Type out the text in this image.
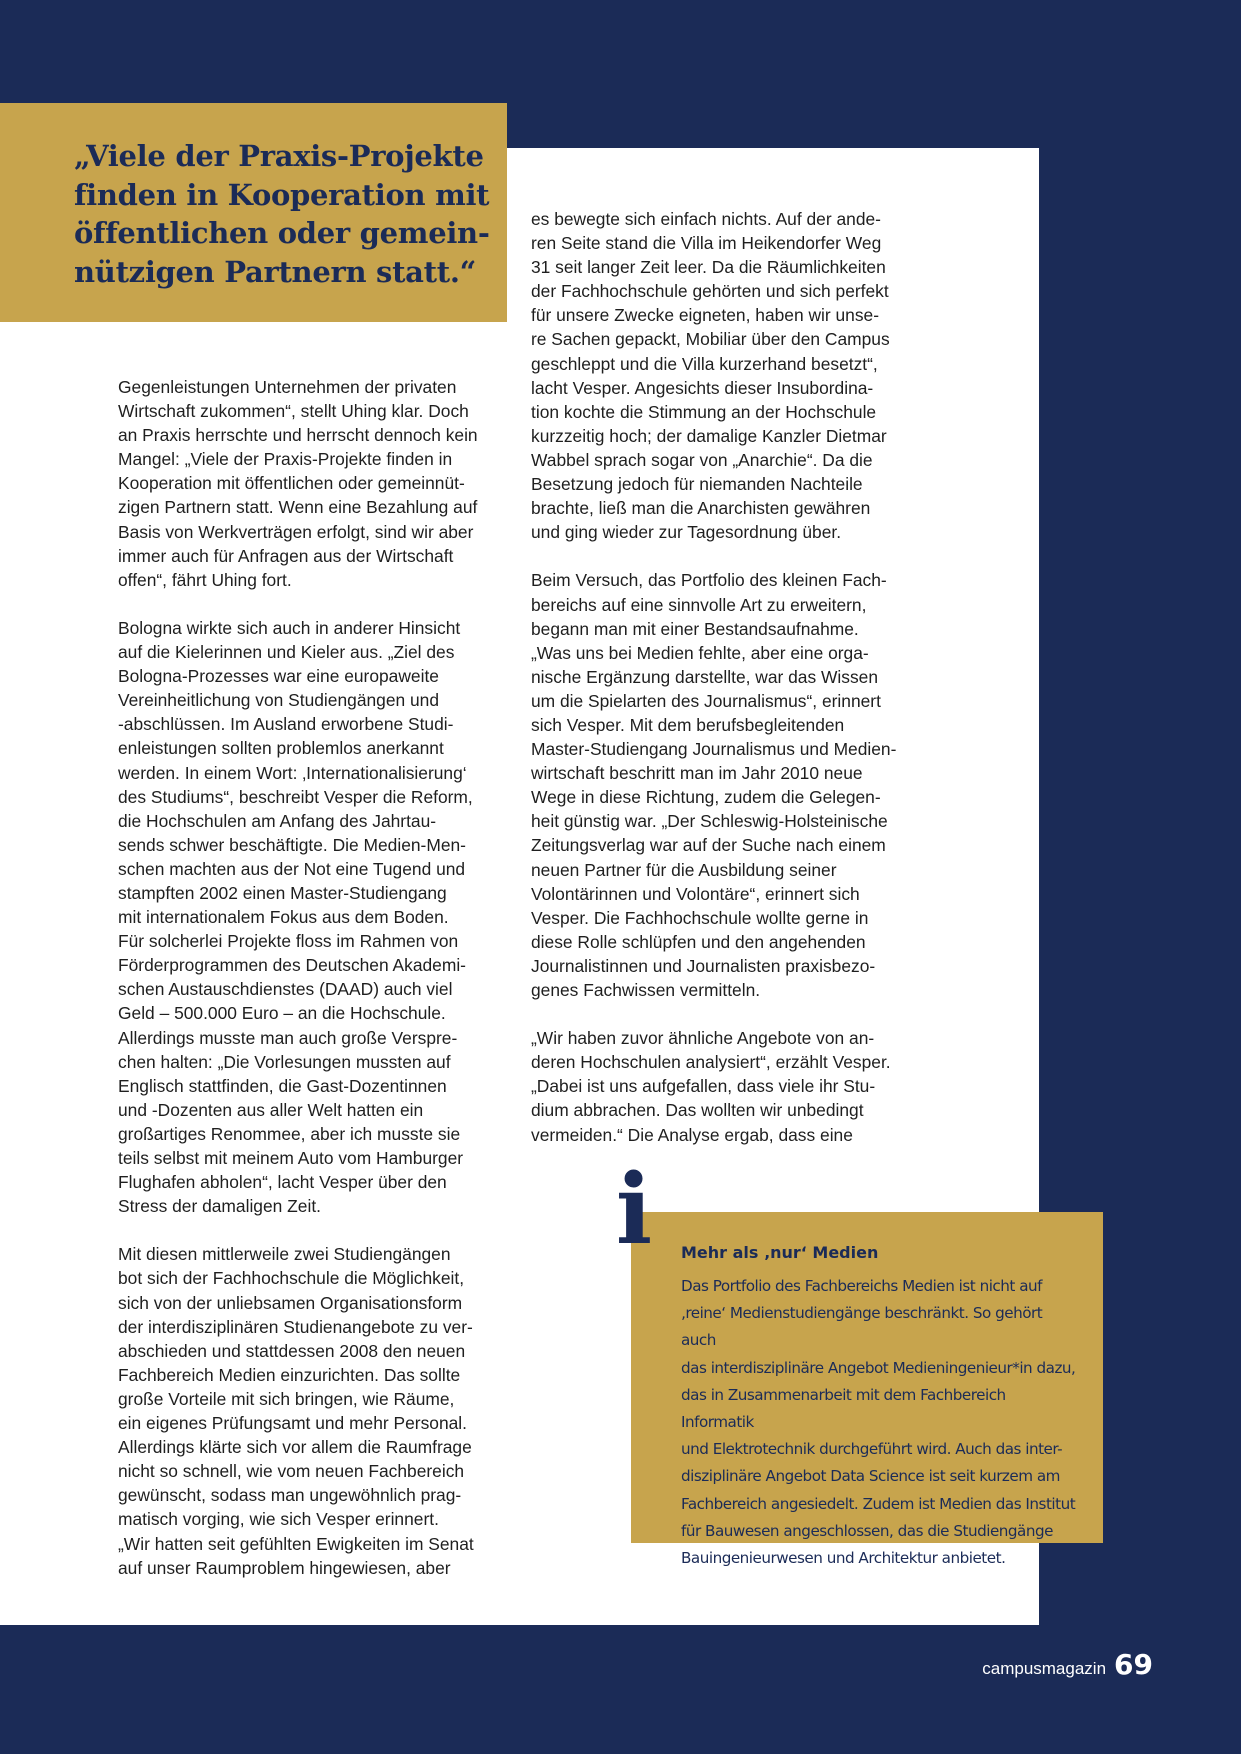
„Viele der Praxis-Projekte
finden in Kooperation mit
öffentlichen oder gemein-
nützigen Partnern statt.“

Gegenleistungen Unternehmen der privaten
Wirtschaft zukommen“, stellt Uhing klar. Doch
an Praxis herrschte und herrscht dennoch kein
Mangel: „Viele der Praxis-Projekte finden in
Kooperation mit öffentlichen oder gemeinnüt-
zigen Partnern statt. Wenn eine Bezahlung auf
Basis von Werkverträgen erfolgt, sind wir aber
immer auch für Anfragen aus der Wirtschaft
offen“, fährt Uhing fort.

Bologna wirkte sich auch in anderer Hinsicht
auf die Kielerinnen und Kieler aus. „Ziel des
Bologna-Prozesses war eine europaweite
Vereinheitlichung von Studiengängen und
-abschlüssen. Im Ausland erworbene Studi-
enleistungen sollten problemlos anerkannt
werden. In einem Wort: ‚Internationalisierung‘
des Studiums“, beschreibt Vesper die Reform,
die Hochschulen am Anfang des Jahrtau-
sends schwer beschäftigte. Die Medien-Men-
schen machten aus der Not eine Tugend und
stampften 2002 einen Master-Studiengang
mit internationalem Fokus aus dem Boden.
Für solcherlei Projekte floss im Rahmen von
Förderprogrammen des Deutschen Akademi-
schen Austauschdienstes (DAAD) auch viel
Geld – 500.000 Euro – an die Hochschule.
Allerdings musste man auch große Verspre-
chen halten: „Die Vorlesungen mussten auf
Englisch stattfinden, die Gast-Dozentinnen
und -Dozenten aus aller Welt hatten ein
großartiges Renommee, aber ich musste sie
teils selbst mit meinem Auto vom Hamburger
Flughafen abholen“, lacht Vesper über den
Stress der damaligen Zeit.

Mit diesen mittlerweile zwei Studiengängen
bot sich der Fachhochschule die Möglichkeit,
sich von der unliebsamen Organisationsform
der interdisziplinären Studienangebote zu ver-
abschieden und stattdessen 2008 den neuen
Fachbereich Medien einzurichten. Das sollte
große Vorteile mit sich bringen, wie Räume,
ein eigenes Prüfungsamt und mehr Personal.
Allerdings klärte sich vor allem die Raumfrage
nicht so schnell, wie vom neuen Fachbereich
gewünscht, sodass man ungewöhnlich prag-
matisch vorging, wie sich Vesper erinnert.
„Wir hatten seit gefühlten Ewigkeiten im Senat
auf unser Raumproblem hingewiesen, aber

es bewegte sich einfach nichts. Auf der ande-
ren Seite stand die Villa im Heikendorfer Weg
31 seit langer Zeit leer. Da die Räumlichkeiten
der Fachhochschule gehörten und sich perfekt
für unsere Zwecke eigneten, haben wir unse-
re Sachen gepackt, Mobiliar über den Campus
geschleppt und die Villa kurzerhand besetzt“,
lacht Vesper. Angesichts dieser Insubordina-
tion kochte die Stimmung an der Hochschule
kurzzeitig hoch; der damalige Kanzler Dietmar
Wabbel sprach sogar von „Anarchie“. Da die
Besetzung jedoch für niemanden Nachteile
brachte, ließ man die Anarchisten gewähren
und ging wieder zur Tagesordnung über.

Beim Versuch, das Portfolio des kleinen Fach-
bereichs auf eine sinnvolle Art zu erweitern,
begann man mit einer Bestandsaufnahme.
„Was uns bei Medien fehlte, aber eine orga-
nische Ergänzung darstellte, war das Wissen
um die Spielarten des Journalismus“, erinnert
sich Vesper. Mit dem berufsbegleitenden
Master-Studiengang Journalismus und Medien-
wirtschaft beschritt man im Jahr 2010 neue
Wege in diese Richtung, zudem die Gelegen-
heit günstig war. „Der Schleswig-Holsteinische
Zeitungsverlag war auf der Suche nach einem
neuen Partner für die Ausbildung seiner
Volontärinnen und Volontäre“, erinnert sich
Vesper. Die Fachhochschule wollte gerne in
diese Rolle schlüpfen und den angehenden
Journalistinnen und Journalisten praxisbezo-
genes Fachwissen vermitteln.

„Wir haben zuvor ähnliche Angebote von an-
deren Hochschulen analysiert“, erzählt Vesper.
„Dabei ist uns aufgefallen, dass viele ihr Stu-
dium abbrachen. Das wollten wir unbedingt
vermeiden.“ Die Analyse ergab, dass eine

i Mehr als ‚nur‘ Medien
Das Portfolio des Fachbereichs Medien ist nicht auf
‚reine‘ Medienstudiengänge beschränkt. So gehört auch
das interdisziplinäre Angebot Medieningenieur*in dazu,
das in Zusammenarbeit mit dem Fachbereich Informatik
und Elektrotechnik durchgeführt wird. Auch das inter-
disziplinäre Angebot Data Science ist seit kurzem am
Fachbereich angesiedelt. Zudem ist Medien das Institut
für Bauwesen angeschlossen, das die Studiengänge
Bauingenieurwesen und Architektur anbietet.
campusmagazin 69
